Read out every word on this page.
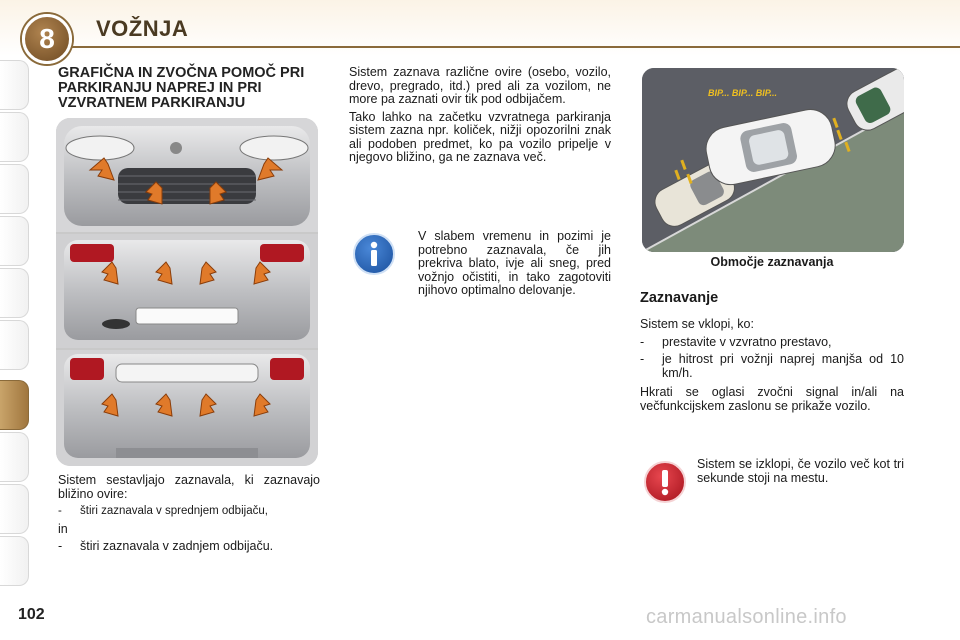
8	VOŽNJA
GRAFIČNA IN ZVOČNA POMOČ PRI PARKIRANJU NAPREJ IN PRI VZVRATNEM PARKIRANJU

Sistem sestavljajo zaznavala, ki zaznavajo bližino ovire:

- štiri zaznavala v sprednjem odbijaču,

in

- štiri zaznavala v zadnjem odbijaču.

Sistem zaznava različne ovire (osebo, vozilo, drevo, pregrado, itd.) pred ali za vozilom, ne more pa zaznati ovir tik pod odbijačem.

Tako lahko na začetku vzvratnega parkiranja sistem zazna npr. količek, nižji opozorilni znak ali podoben predmet, ko pa vozilo pripelje v njegovo bližino, ga ne zaznava več.

V slabem vremenu in pozimi je potrebno zaznavala, če jih prekriva blato, ivje ali sneg, pred vožnjo očistiti, in tako zagotoviti njihovo optimalno delovanje.
BIP... BIP... BIP...
Območje zaznavanja
Zaznavanje

Sistem se vklopi, ko:

- prestavite v vzvratno prestavo,
- je hitrost pri vožnji naprej manjša od 10 km/h.

Hkrati se oglasi zvočni signal in/ali na večfunkcijskem zaslonu se prikaže vozilo.

Sistem se izklopi, če vozilo več kot tri sekunde stoji na mestu.
102	carmanualsonline.info
